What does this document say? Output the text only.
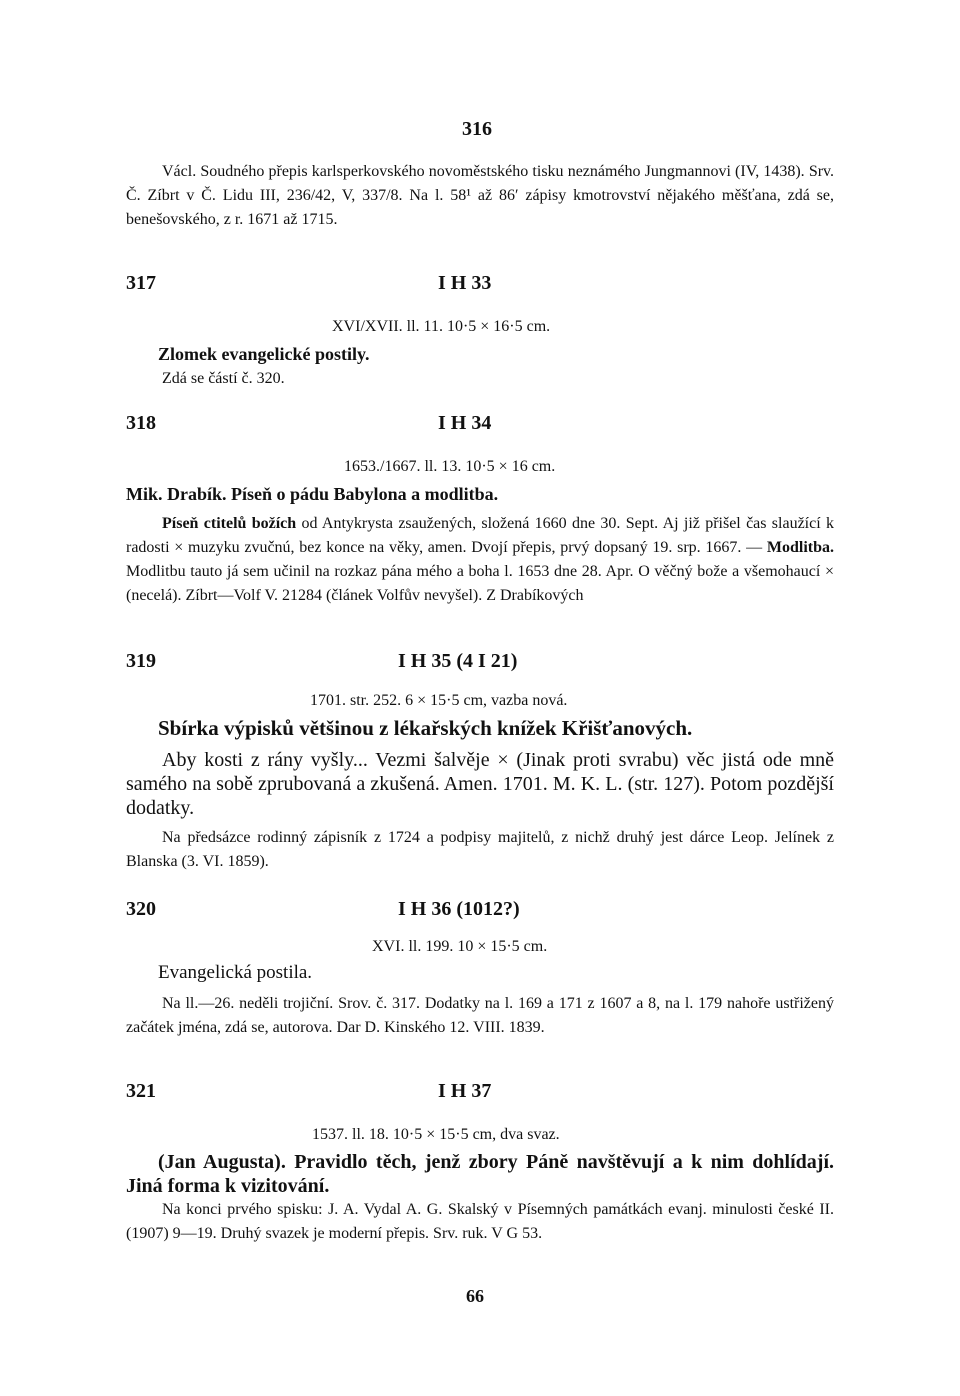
316
Václ. Soudného přepis karlsperkovského novoměstského tisku neznámého Jungmannovi (IV, 1438). Srv. Č. Zíbrt v Č. Lidu III, 236/42, V, 337/8. Na l. 58¹ až 86′ zápisy kmotrovství nějakého měšťana, zdá se, benešovského, z r. 1671 až 1715.
317	I H 33
XVI/XVII. ll. 11. 10·5 × 16·5 cm.
Zlomek evangelické postily.
Zdá se částí č. 320.
318	I H 34
1653./1667. ll. 13. 10·5 × 16 cm.
Mik. Drabík. Píseň o pádu Babylona a modlitba.
Píseň ctitelů božích od Antykrysta zsaužených, složená 1660 dne 30. Sept. Aj již přišel čas slaužící k radosti × muzyku zvučnú, bez konce na věky, amen. Dvojí přepis, prvý dopsaný 19. srp. 1667. — Modlitba. Modlitbu tauto já sem učinil na rozkaz pána mého a boha l. 1653 dne 28. Apr. O věčný bože a všemohaucí × (necelá). Zíbrt—Volf V. 21284 (článek Volfův nevyšel). Z Drabíkových
319	I H 35 (4 I 21)
1701. str. 252. 6 × 15·5 cm, vazba nová.
Sbírka výpisků většinou z lékařských knížek Křišťanových.
Aby kosti z rány vyšly... Vezmi šalvěje × (Jinak proti svrabu) věc jistá ode mně samého na sobě zprubovaná a zkušená. Amen. 1701. M. K. L. (str. 127). Potom pozdější dodatky.
Na předsázce rodinný zápisník z 1724 a podpisy majitelů, z nichž druhý jest dárce Leop. Jelínek z Blanska (3. VI. 1859).
320	I H 36 (1012?)
XVI. ll. 199. 10 × 15·5 cm.
Evangelická postila.
Na ll.—26. neděli trojiční. Srov. č. 317. Dodatky na l. 169 a 171 z 1607 a 8, na l. 179 nahoře ustřižený začátek jména, zdá se, autorova. Dar D. Kinského 12. VIII. 1839.
321	I H 37
1537. ll. 18. 10·5 × 15·5 cm, dva svaz.
(Jan Augusta). Pravidlo těch, jenž zbory Páně navštěvují a k nim dohlídají. Jiná forma k vizitování.
Na konci prvého spisku: J. A. Vydal A. G. Skalský v Písemných památkách evanj. minulosti české II. (1907) 9—19. Druhý svazek je moderní přepis. Srv. ruk. V G 53.
66
